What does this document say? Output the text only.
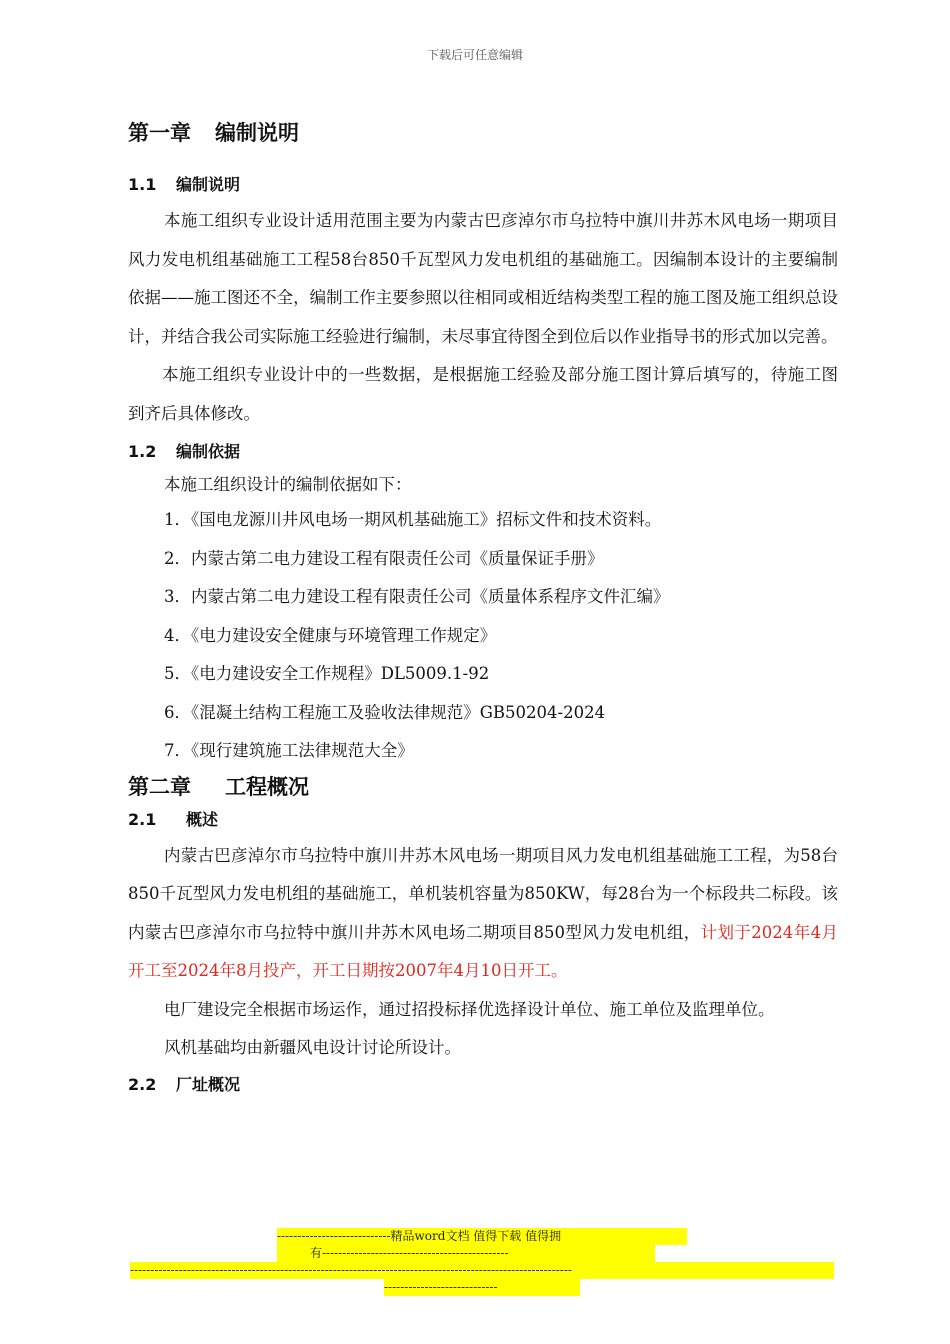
下载后可任意编辑
第一章 编制说明
1.1 编制说明

本施工组织专业设计适用范围主要为内蒙古巴彦淖尔市乌拉特中旗川井苏木风电场一期项目风力发电机组基础施工工程58台850千瓦型风力发电机组的基础施工。因编制本设计的主要编制依据——施工图还不全，编制工作主要参照以往相同或相近结构类型工程的施工图及施工组织总设计，并结合我公司实际施工经验进行编制，未尽事宜待图全到位后以作业指导书的形式加以完善。

本施工组织专业设计中的一些数据，是根据施工经验及部分施工图计算后填写的，待施工图到齐后具体修改。

1.2 编制依据
本施工组织设计的编制依据如下：
1．《国电龙源川井风电场一期风机基础施工》招标文件和技术资料。
2．内蒙古第二电力建设工程有限责任公司《质量保证手册》
3．内蒙古第二电力建设工程有限责任公司《质量体系程序文件汇编》
4．《电力建设安全健康与环境管理工作规定》
5．《电力建设安全工作规程》DL5009.1-92
6．《混凝土结构工程施工及验收法律规范》GB50204-2024
7．《现行建筑施工法律规范大全》
第二章 工程概况
2.1 概述

内蒙古巴彦淖尔市乌拉特中旗川井苏木风电场一期项目风力发电机组基础施工工程，为58台850千瓦型风力发电机组的基础施工，单机装机容量为850KW，每28台为一个标段共二标段。该内蒙古巴彦淖尔市乌拉特中旗川井苏木风电场二期项目850型风力发电机组，计划于2024年4月开工至2024年8月投产，开工日期按2007年4月10日开工。

电厂建设完全根据市场运作，通过招投标择优选择设计单位、施工单位及监理单位。

风机基础均由新疆风电设计讨论所设计。

2.2 厂址概况
----------------------------精品word文档 值得下载 值得拥
有----------------------------------------------
-------------------------------------------------------------------------------------------------------------
----------------------------
